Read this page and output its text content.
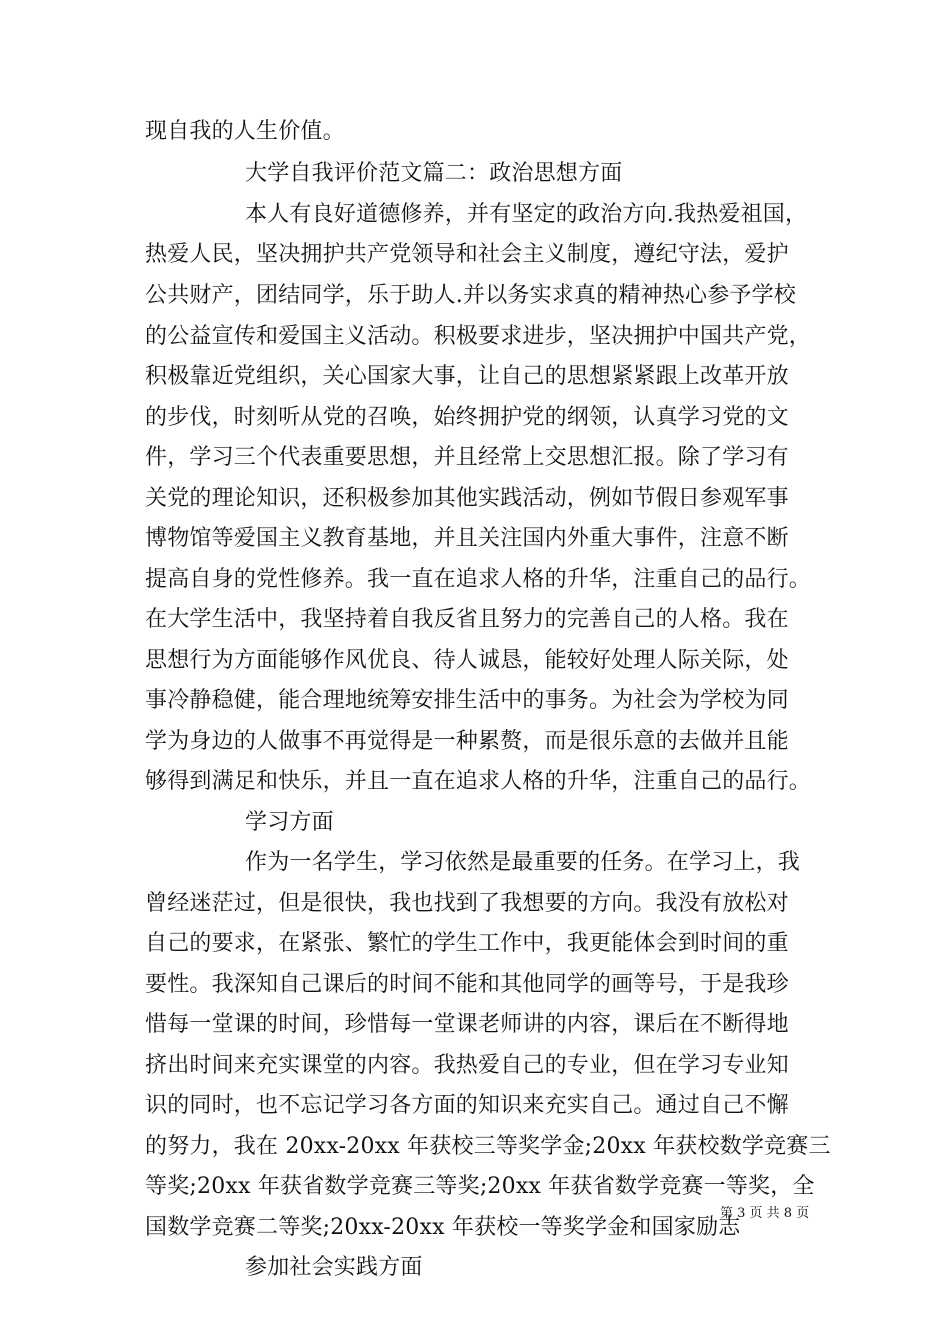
现自我的人生价值。
大学自我评价范文篇二：政治思想方面
本人有良好道德修养，并有坚定的政治方向.我热爱祖国，
热爱人民，坚决拥护共产党领导和社会主义制度，遵纪守法，爱护
公共财产，团结同学，乐于助人.并以务实求真的精神热心参予学校
的公益宣传和爱国主义活动。积极要求进步，坚决拥护中国共产党，
积极靠近党组织，关心国家大事，让自己的思想紧紧跟上改革开放
的步伐，时刻听从党的召唤，始终拥护党的纲领，认真学习党的文
件，学习三个代表重要思想，并且经常上交思想汇报。除了学习有
关党的理论知识，还积极参加其他实践活动，例如节假日参观军事
博物馆等爱国主义教育基地，并且关注国内外重大事件，注意不断
提高自身的党性修养。我一直在追求人格的升华，注重自己的品行。
在大学生活中，我坚持着自我反省且努力的完善自己的人格。我在
思想行为方面能够作风优良、待人诚恳，能较好处理人际关际，处
事冷静稳健，能合理地统筹安排生活中的事务。为社会为学校为同
学为身边的人做事不再觉得是一种累赘，而是很乐意的去做并且能
够得到满足和快乐，并且一直在追求人格的升华，注重自己的品行。
学习方面
作为一名学生，学习依然是最重要的任务。在学习上，我
曾经迷茫过，但是很快，我也找到了我想要的方向。我没有放松对
自己的要求，在紧张、繁忙的学生工作中，我更能体会到时间的重
要性。我深知自己课后的时间不能和其他同学的画等号，于是我珍
惜每一堂课的时间，珍惜每一堂课老师讲的内容，课后在不断得地
挤出时间来充实课堂的内容。我热爱自己的专业，但在学习专业知
识的同时，也不忘记学习各方面的知识来充实自己。通过自己不懈
的努力，我在 20xx-20xx 年获校三等奖学金;20xx 年获校数学竞赛三
等奖;20xx 年获省数学竞赛三等奖;20xx 年获省数学竞赛一等奖，全
国数学竞赛二等奖;20xx-20xx 年获校一等奖学金和国家励志
参加社会实践方面
第 3 页 共 8 页
